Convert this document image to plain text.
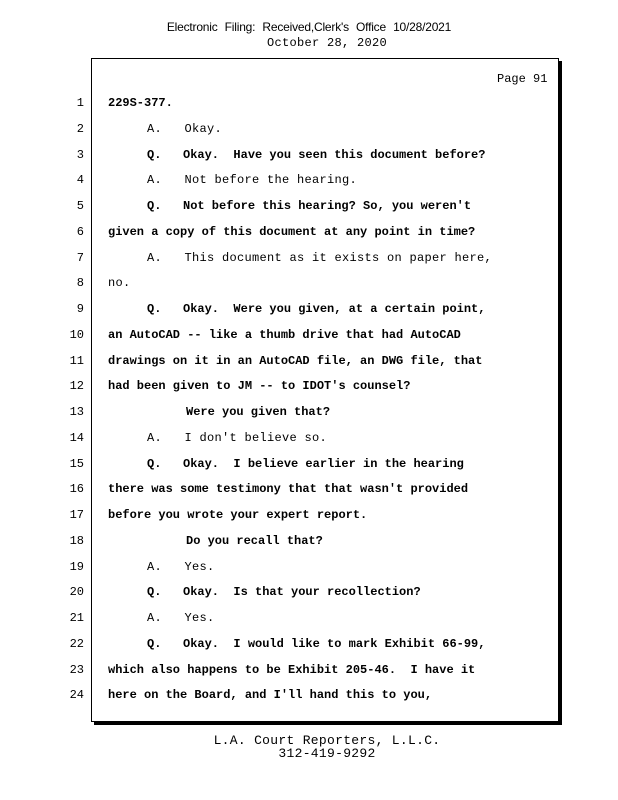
Electronic Filing: Received,Clerk's Office 10/28/2021
October 28, 2020
Page 91
1 229S-377.
2	A.   Okay.
3	Q.   Okay.  Have you seen this document before?
4	A.   Not before the hearing.
5	Q.   Not before this hearing? So, you weren't
6 given a copy of this document at any point in time?
7	A.   This document as it exists on paper here,
8 no.
9	Q.   Okay.  Were you given, at a certain point,
10 an AutoCAD -- like a thumb drive that had AutoCAD
11 drawings on it in an AutoCAD file, an DWG file, that
12 had been given to JM -- to IDOT's counsel?
13	Were you given that?
14	A.   I don't believe so.
15	Q.   Okay.  I believe earlier in the hearing
16 there was some testimony that that wasn't provided
17 before you wrote your expert report.
18	Do you recall that?
19	A.   Yes.
20	Q.   Okay.  Is that your recollection?
21	A.   Yes.
22	Q.   Okay.  I would like to mark Exhibit 66-99,
23 which also happens to be Exhibit 205-46.  I have it
24 here on the Board, and I'll hand this to you,
L.A. Court Reporters, L.L.C.
312-419-9292
